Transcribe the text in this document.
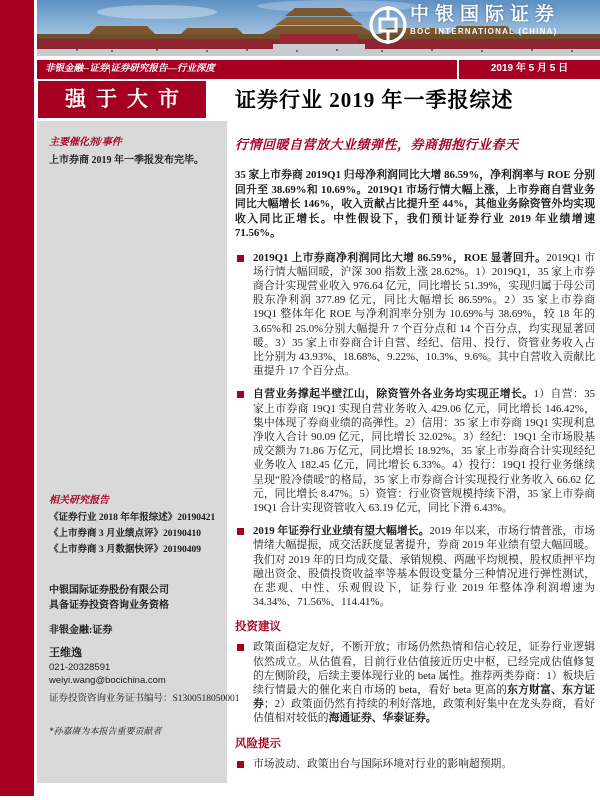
中银国际证券
BOC INTERNATIONAL (CHINA)
非银金融--证券|证券研究报告—行业深度	2019 年 5 月 5 日
强于大市
主要催化剂/事件
上市券商 2019 年一季报发布完毕。
相关研究报告
《证券行业 2018 年年报综述》20190421
《上市券商 3 月业绩点评》20190410
《上市券商 3 月数据快评》20190409
中银国际证券股份有限公司
具备证券投资咨询业务资格
非银金融:证券
王维逸
021-20328591
weiyi.wang@bocichina.com
证券投资咨询业务证书编号：S1300518050001
*孙嘉赓为本报告重要贡献者
证券行业 2019 年一季报综述
行情回暖自营放大业绩弹性，券商拥抱行业春天
35 家上市券商 2019Q1 归母净利润同比大增 86.59%，净利润率与 ROE 分别回升至 38.69%和 10.69%。2019Q1 市场行情大幅上涨，上市券商自营业务同比大幅增长 146%，收入贡献占比提升至 44%，其他业务除资管外均实现收入同比正增长。中性假设下，我们预计证券行业 2019 年业绩增速 71.56%。
2019Q1 上市券商净利润同比大增 86.59%，ROE 显著回升。2019Q1 市场行情大幅回暖，沪深 300 指数上涨 28.62%。1）2019Q1，35 家上市券商合计实现营业收入 976.64 亿元，同比增长 51.39%，实现归属于母公司股东净利润 377.89 亿元，同比大幅增长 86.59%。2）35 家上市券商 19Q1 整体年化 ROE 与净利润率分别为 10.69%与 38.69%，较 18 年的 3.65%和 25.0%分别大幅提升 7 个百分点和 14 个百分点，均实现显著回暖。3）35 家上市券商合计自营、经纪、信用、投行、资管业务收入占比分别为 43.93%、18.68%、9.22%、10.3%、9.6%。其中自营收入贡献比重提升 17 个百分点。
自营业务撑起半壁江山，除资管外各业务均实现正增长。1）自营：35 家上市券商 19Q1 实现自营业务收入 429.06 亿元，同比增长 146.42%，集中体现了券商业绩的高弹性。2）信用：35 家上市券商 19Q1 实现利息净收入合计 90.09 亿元，同比增长 32.02%。3）经纪：19Q1 全市场股基成交额为 71.86 万亿元，同比增长 18.92%，35 家上市券商合计实现经纪业务收入 182.45 亿元，同比增长 6.33%。4）投行：19Q1 投行业务继续呈现“股冷债暖”的格局，35 家上市券商合计实现投行业务收入 66.62 亿元，同比增长 8.47%。5）资管：行业资管规模持续下滑，35 家上市券商 19Q1 合计实现资管收入 63.19 亿元，同比下滑 6.43%。
2019 年证券行业业绩有望大幅增长。2019 年以来，市场行情普涨，市场情绪大幅提振，成交活跃度显著提升，券商 2019 年业绩有望大幅回暖。我们对 2019 年的日均成交量、承销规模、两融平均规模、股权质押平均融出资金、股债投资收益率等基本假设变量分三种情况进行弹性测试，在悲观、中性、乐观假设下，证券行业 2019 年整体净利润增速为 34.34%、71.56%、114.41%。
投资建议
政策面稳定友好，不断开放；市场仍然热情和信心较足，证券行业逻辑依然成立。从估值看，目前行业估值接近历史中枢，已经完成估值修复的左侧阶段，后续主要体现行业的 beta 属性。推荐两类券商：1）板块后续行情最大的催化来自市场的 beta，看好 beta 更高的东方财富、东方证券；2）政策面仍然有持续的利好落地，政策利好集中在龙头券商，看好估值相对较低的海通证券、华泰证券。
风险提示
市场波动、政策出台与国际环境对行业的影响超预期。
